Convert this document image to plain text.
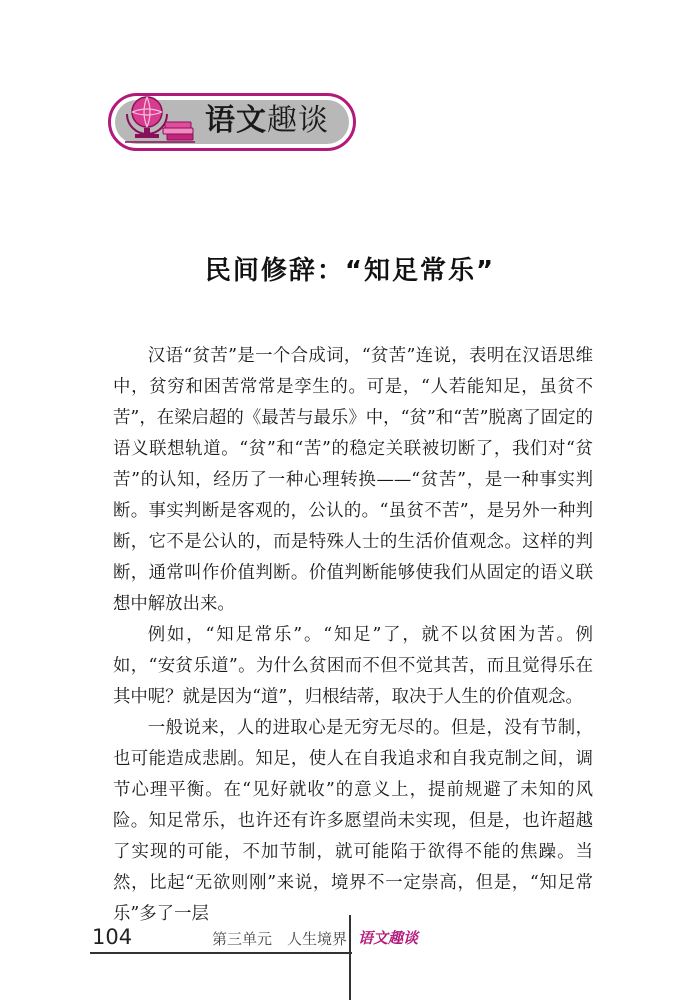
语文趣谈
民间修辞：“知足常乐”

汉语“贫苦”是一个合成词，“贫苦”连说，表明在汉语思维中，贫穷和困苦常常是孪生的。可是，“人若能知足，虽贫不苦”，在梁启超的《最苦与最乐》中，“贫”和“苦”脱离了固定的语义联想轨道。“贫”和“苦”的稳定关联被切断了，我们对“贫苦”的认知，经历了一种心理转换——“贫苦”，是一种事实判断。事实判断是客观的，公认的。“虽贫不苦”，是另外一种判断，它不是公认的，而是特殊人士的生活价值观念。这样的判断，通常叫作价值判断。价值判断能够使我们从固定的语义联想中解放出来。

例如，“知足常乐”。“知足”了，就不以贫困为苦。例如，“安贫乐道”。为什么贫困而不但不觉其苦，而且觉得乐在其中呢？就是因为“道”，归根结蒂，取决于人生的价值观念。

一般说来，人的进取心是无穷无尽的。但是，没有节制，也可能造成悲剧。知足，使人在自我追求和自我克制之间，调节心理平衡。在“见好就收”的意义上，提前规避了未知的风险。知足常乐，也许还有许多愿望尚未实现，但是，也许超越了实现的可能，不加节制，就可能陷于欲得不能的焦躁。当然，比起“无欲则刚”来说，境界不一定崇高，但是，“知足常乐”多了一层

104	第三单元　人生境界 语文趣谈
